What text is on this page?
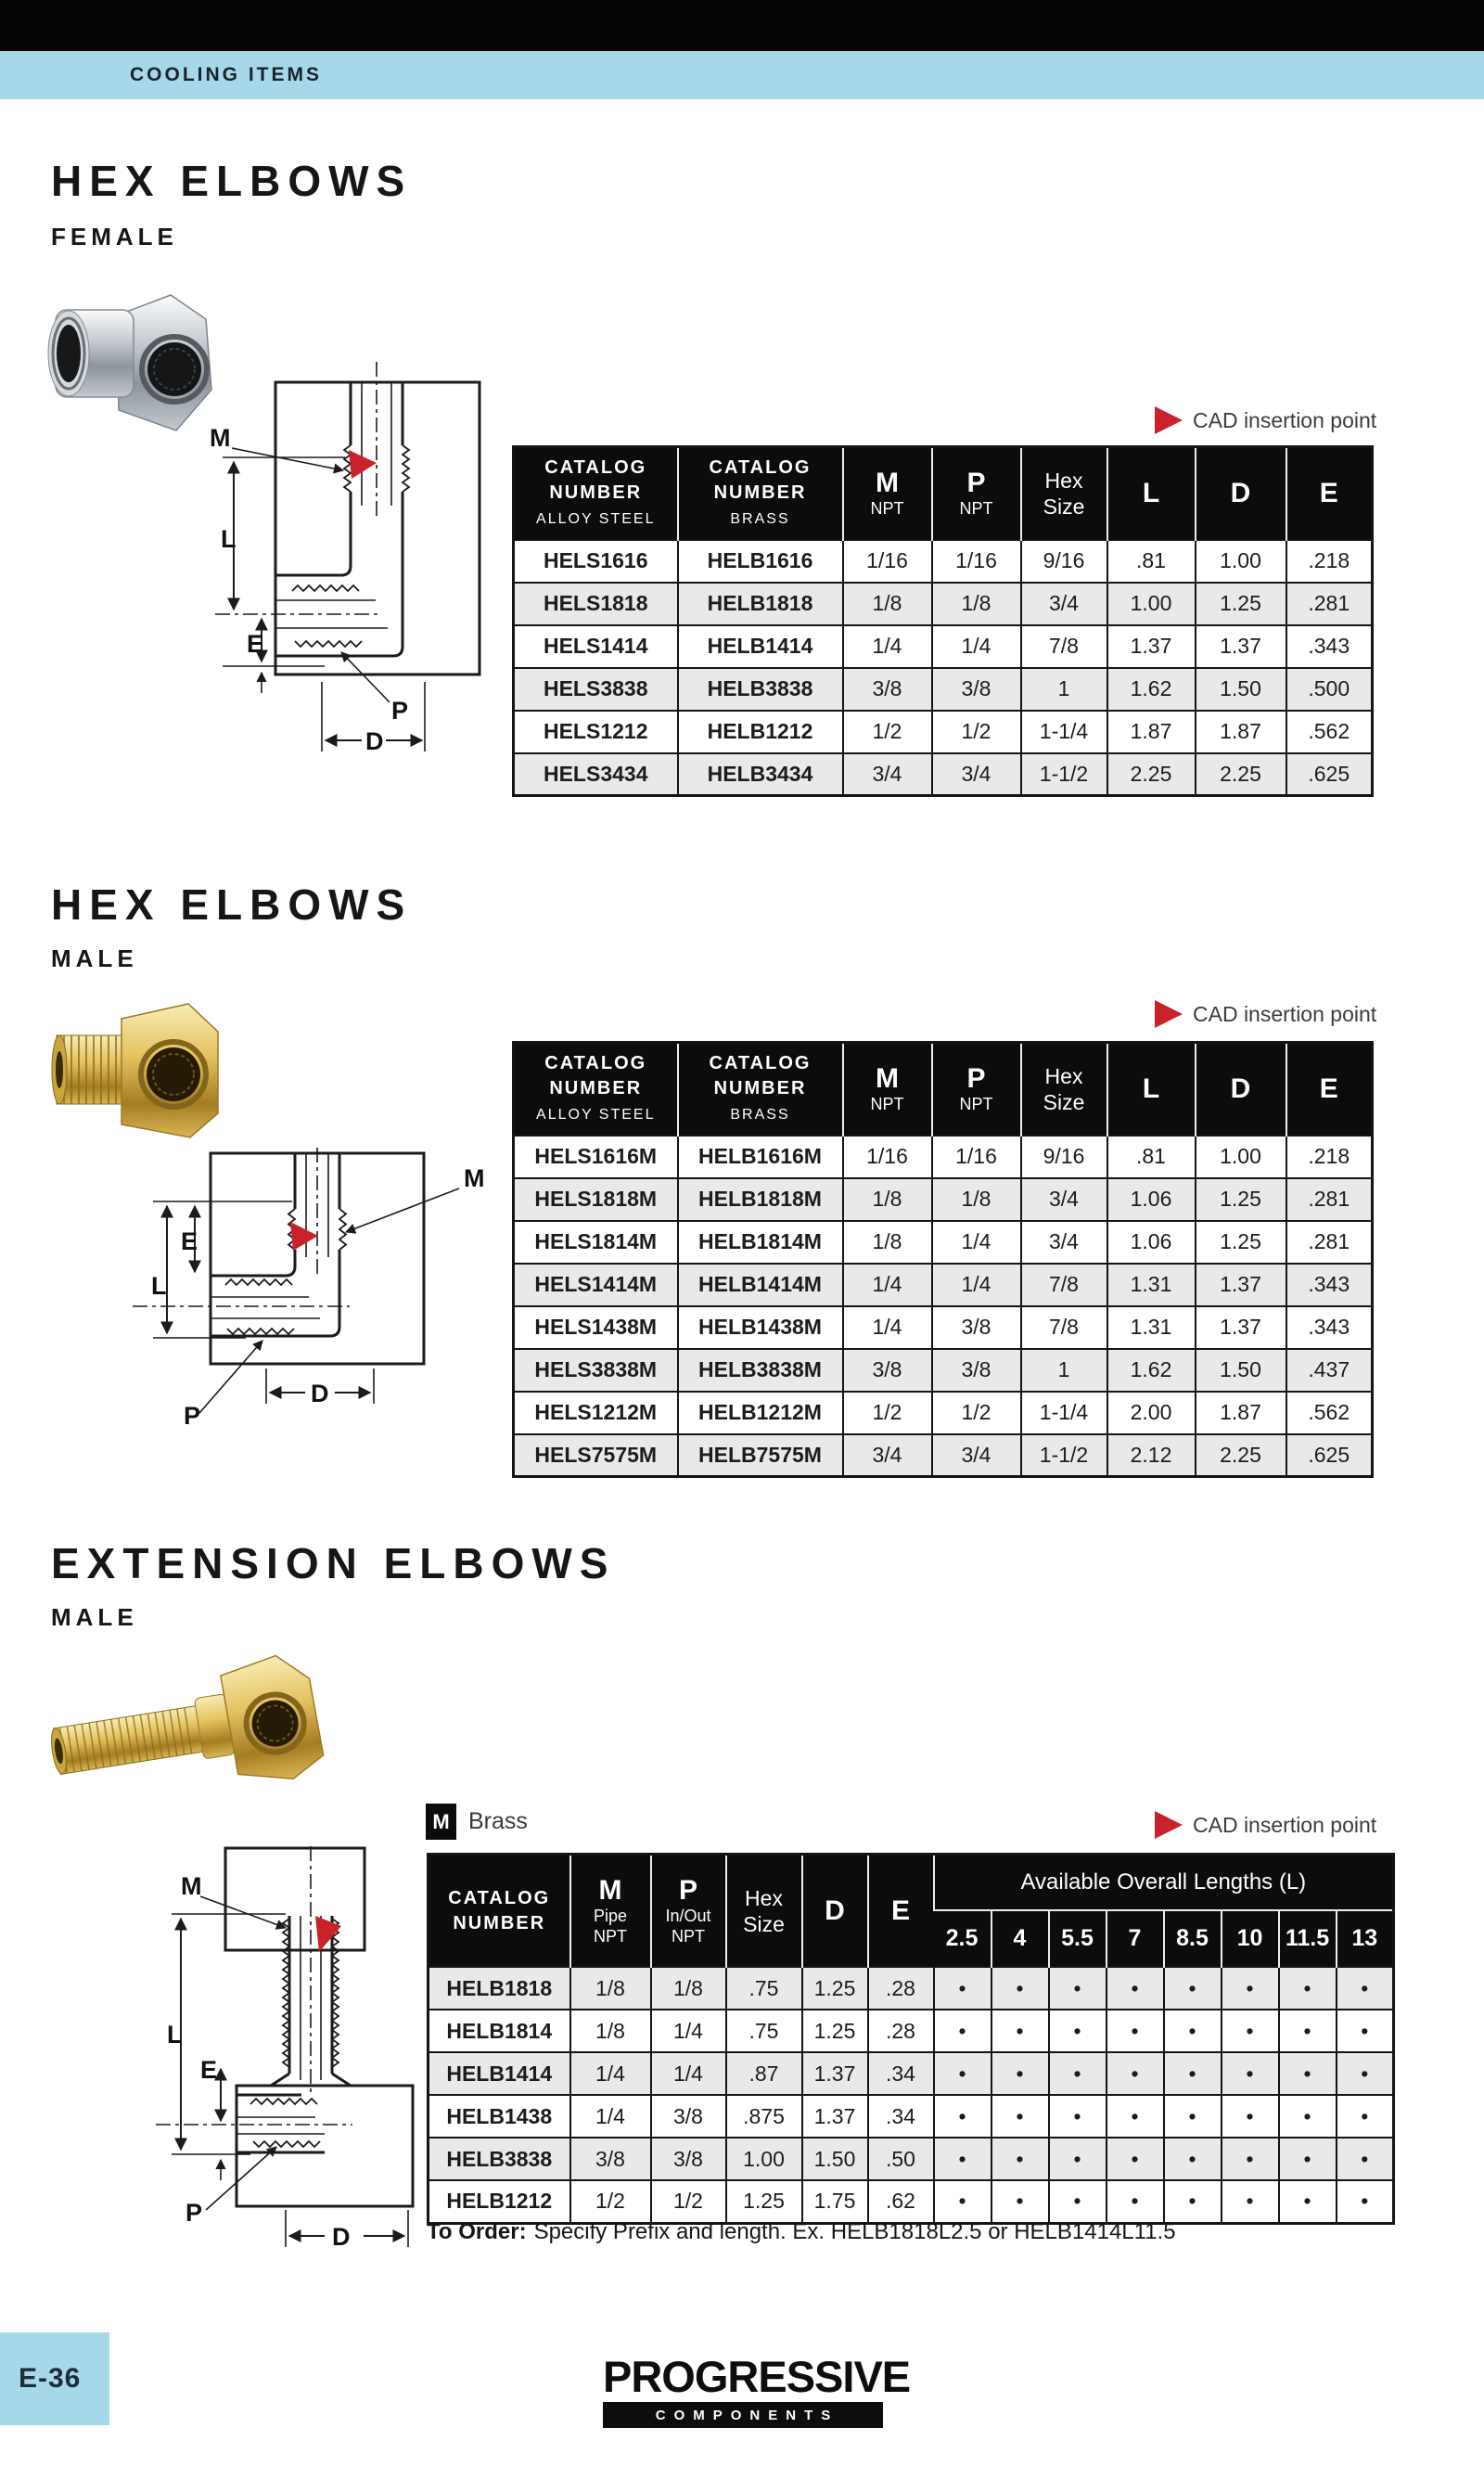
COOLING ITEMS
HEX ELBOWS
FEMALE
L
E
M
P
D
CAD insertion point
CATALOG
NUMBER
ALLOY STEEL	CATALOG
NUMBER
BRASS	M
NPT	P
NPT	Hex
Size	L	D	E

HELS1616	HELB1616	1/16	1/16	9/16	.81	1.00	.218
HELS1818	HELB1818	1/8	1/8	3/4	1.00	1.25	.281
HELS1414	HELB1414	1/4	1/4	7/8	1.37	1.37	.343
HELS3838	HELB3838	3/8	3/8	1	1.62	1.50	.500
HELS1212	HELB1212	1/2	1/2	1-1/4	1.87	1.87	.562
HELS3434	HELB3434	3/4	3/4	1-1/2	2.25	2.25	.625
HEX ELBOWS
MALE
L
E
M
P
D
CAD insertion point
CATALOG
NUMBER
ALLOY STEEL	CATALOG
NUMBER
BRASS	M
NPT	P
NPT	Hex
Size	L	D	E

HELS1616M	HELB1616M	1/16	1/16	9/16	.81	1.00	.218
HELS1818M	HELB1818M	1/8	1/8	3/4	1.06	1.25	.281
HELS1814M	HELB1814M	1/8	1/4	3/4	1.06	1.25	.281
HELS1414M	HELB1414M	1/4	1/4	7/8	1.31	1.37	.343
HELS1438M	HELB1438M	1/4	3/8	7/8	1.31	1.37	.343
HELS3838M	HELB3838M	3/8	3/8	1	1.62	1.50	.437
HELS1212M	HELB1212M	1/2	1/2	1-1/4	2.00	1.87	.562
HELS7575M	HELB7575M	3/4	3/4	1-1/2	2.12	2.25	.625
EXTENSION ELBOWS
MALE
M Brass	CAD insertion point
L
E
M
P
D
CATALOG
NUMBER	M
Pipe
NPT	P
In/Out
NPT	Hex
Size	D	E	Available Overall Lengths (L)							

						2.5	4	5.5	7	8.5	10	11.5	13

HELB1818	1/8	1/8	.75	1.25	.28	•	•	•	•	•	•	•	•
HELB1814	1/8	1/4	.75	1.25	.28	•	•	•	•	•	•	•	•
HELB1414	1/4	1/4	.87	1.37	.34	•	•	•	•	•	•	•	•
HELB1438	1/4	3/8	.875	1.37	.34	•	•	•	•	•	•	•	•
HELB3838	3/8	3/8	1.00	1.50	.50	•	•	•	•	•	•	•	•
HELB1212	1/2	1/2	1.25	1.75	.62	•	•	•	•	•	•	•	•
To Order: Specify Prefix and length. Ex. HELB1818L2.5 or HELB1414L11.5
E-36	PROGRESSIVE
COMPONENTS
